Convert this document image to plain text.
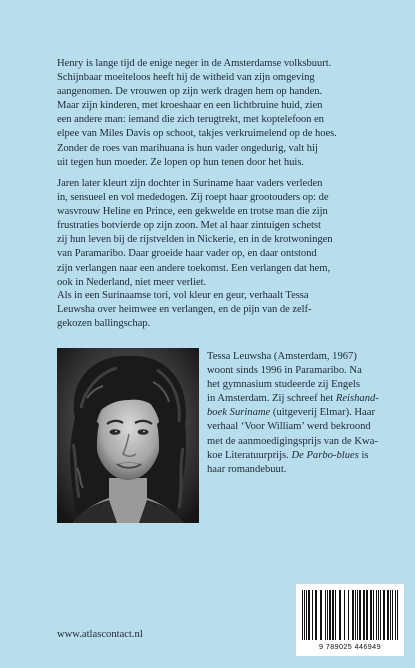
Henry is lange tijd de enige neger in de Amsterdamse volksbuurt.
Schijnbaar moeiteloos heeft hij de witheid van zijn omgeving
aangenomen. De vrouwen op zijn werk dragen hem op handen.
Maar zijn kinderen, met kroeshaar en een lichtbruine huid, zien
een andere man: iemand die zich terugtrekt, met koptelefoon en
elpee van Miles Davis op schoot, takjes verkruimelend op de hoes.
Zonder de roes van marihuana is hun vader ongedurig, valt hij
uit tegen hun moeder. Ze lopen op hun tenen door het huis.
Jaren later kleurt zijn dochter in Suriname haar vaders verleden
in, sensueel en vol mededogen. Zij roept haar grootouders op: de
wasvrouw Heline en Prince, een gekwelde en trotse man die zijn
frustraties botvierde op zijn zoon. Met al haar zintuigen schetst
zij hun leven bij de rijstvelden in Nickerie, en in de krotwoningen
van Paramaribo. Daar groeide haar vader op, en daar ontstond
zijn verlangen naar een andere toekomst. Een verlangen dat hem,
ook in Nederland, niet meer verliet.
Als in een Surinaamse tori, vol kleur en geur, verhaalt Tessa
Leuwsha over heimwee en verlangen, en de pijn van de zelf-
gekozen ballingschap.
Tessa Leuwsha (Amsterdam, 1967)
woont sinds 1996 in Paramaribo. Na
het gymnasium studeerde zij Engels
in Amsterdam. Zij schreef het Reishand-
boek Suriname (uitgeverij Elmar). Haar
verhaal ‘Voor William’ werd bekroond
met de aanmoedigingsprijs van de Kwa-
koe Literatuurprijs. De Parbo-blues is
haar romandebuut.
www.atlascontact.nl
9 789025 446949
